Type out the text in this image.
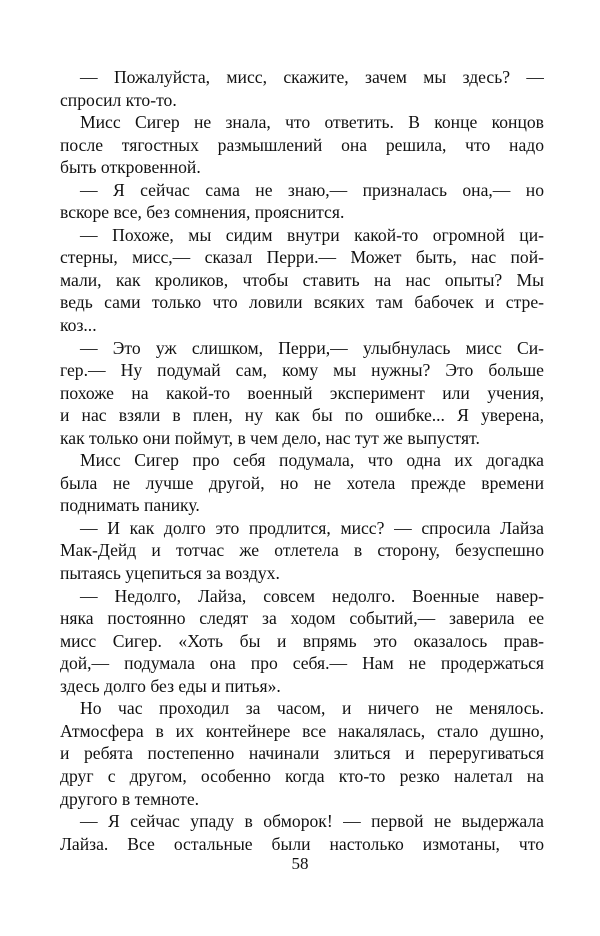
— Пожалуйста, мисс, скажите, зачем мы здесь? —
спросил кто-то.
Мисс Сигер не знала, что ответить. В конце концов
после тягостных размышлений она решила, что надо
быть откровенной.
— Я сейчас сама не знаю,— призналась она,— но
вскоре все, без сомнения, прояснится.
— Похоже, мы сидим внутри какой-то огромной ци-
стерны, мисс,— сказал Перри.— Может быть, нас пой-
мали, как кроликов, чтобы ставить на нас опыты? Мы
ведь сами только что ловили всяких там бабочек и стре-
коз...
— Это уж слишком, Перри,— улыбнулась мисс Си-
гер.— Ну подумай сам, кому мы нужны? Это больше
похоже на какой-то военный эксперимент или учения,
и нас взяли в плен, ну как бы по ошибке... Я уверена,
как только они поймут, в чем дело, нас тут же выпустят.
Мисс Сигер про себя подумала, что одна их догадка
была не лучше другой, но не хотела прежде времени
поднимать панику.
— И как долго это продлится, мисс? — спросила Лайза
Мак-Дейд и тотчас же отлетела в сторону, безуспешно
пытаясь уцепиться за воздух.
— Недолго, Лайза, совсем недолго. Военные навер-
няка постоянно следят за ходом событий,— заверила ее
мисс Сигер. «Хоть бы и впрямь это оказалось прав-
дой,— подумала она про себя.— Нам не продержаться
здесь долго без еды и питья».
Но час проходил за часом, и ничего не менялось.
Атмосфера в их контейнере все накалялась, стало душно,
и ребята постепенно начинали злиться и переругиваться
друг с другом, особенно когда кто-то резко налетал на
другого в темноте.
— Я сейчас упаду в обморок! — первой не выдержала
Лайза. Все остальные были настолько измотаны, что
58
